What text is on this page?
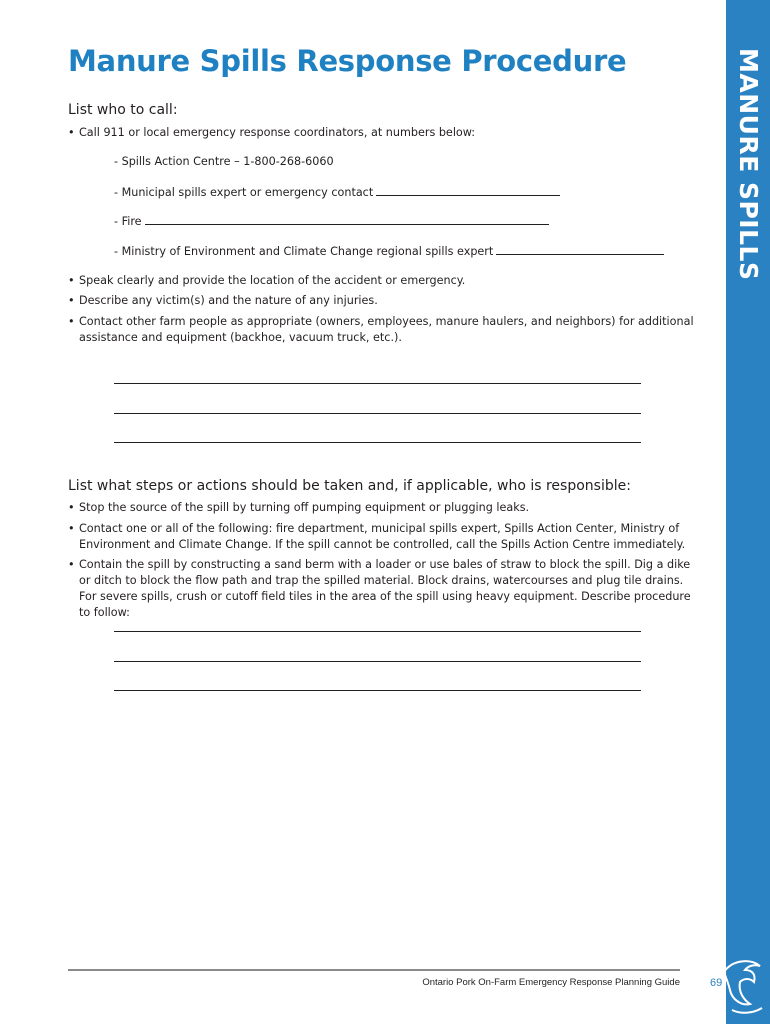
MANURE SPILLS
Manure Spills Response Procedure
List who to call:
• Call 911 or local emergency response coordinators, at numbers below:
- Spills Action Centre – 1-800-268-6060
- Municipal spills expert or emergency contact
- Fire
- Ministry of Environment and Climate Change regional spills expert
• Speak clearly and provide the location of the accident or emergency.
• Describe any victim(s) and the nature of any injuries.
• Contact other farm people as appropriate (owners, employees, manure haulers, and neighbors) for additional assistance and equipment (backhoe, vacuum truck, etc.).
List what steps or actions should be taken and, if applicable, who is responsible:
• Stop the source of the spill by turning off pumping equipment or plugging leaks.
• Contact one or all of the following: fire department, municipal spills expert, Spills Action Center, Ministry of Environment and Climate Change. If the spill cannot be controlled, call the Spills Action Centre immediately.
• Contain the spill by constructing a sand berm with a loader or use bales of straw to block the spill. Dig a dike or ditch to block the flow path and trap the spilled material. Block drains, watercourses and plug tile drains. For severe spills, crush or cutoff field tiles in the area of the spill using heavy equipment. Describe procedure to follow:
Ontario Pork On-Farm Emergency Response Planning Guide	69
